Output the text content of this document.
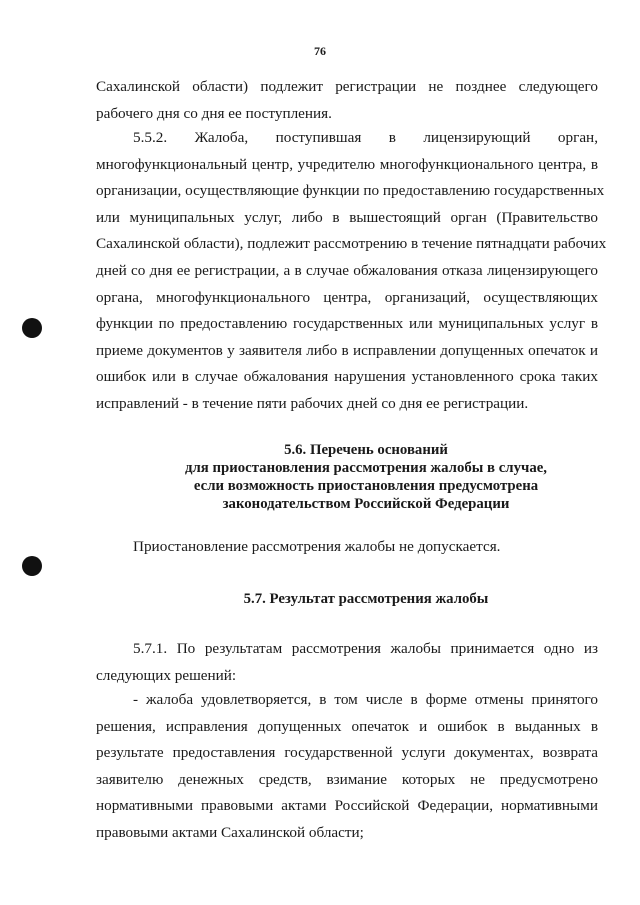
76
Сахалинской области) подлежит регистрации не позднее следующего
рабочего дня со дня ее поступления.
5.5.2. Жалоба, поступившая в лицензирующий орган,
многофункциональный центр, учредителю многофункционального центра, в
организации, осуществляющие функции по предоставлению государственных
или муниципальных услуг, либо в вышестоящий орган (Правительство
Сахалинской области), подлежит рассмотрению в течение пятнадцати рабочих
дней со дня ее регистрации, а в случае обжалования отказа лицензирующего
органа, многофункционального центра, организаций, осуществляющих
функции по предоставлению государственных или муниципальных услуг в
приеме документов у заявителя либо в исправлении допущенных опечаток и
ошибок или в случае обжалования нарушения установленного срока таких
исправлений - в течение пяти рабочих дней со дня ее регистрации.
5.6. Перечень оснований
для приостановления рассмотрения жалобы в случае,
если возможность приостановления предусмотрена
законодательством Российской Федерации
Приостановление рассмотрения жалобы не допускается.
5.7. Результат рассмотрения жалобы
5.7.1. По результатам рассмотрения жалобы принимается одно из
следующих решений:
- жалоба удовлетворяется, в том числе в форме отмены принятого
решения, исправления допущенных опечаток и ошибок в выданных в
результате предоставления государственной услуги документах, возврата
заявителю денежных средств, взимание которых не предусмотрено
нормативными правовыми актами Российской Федерации, нормативными
правовыми актами Сахалинской области;
